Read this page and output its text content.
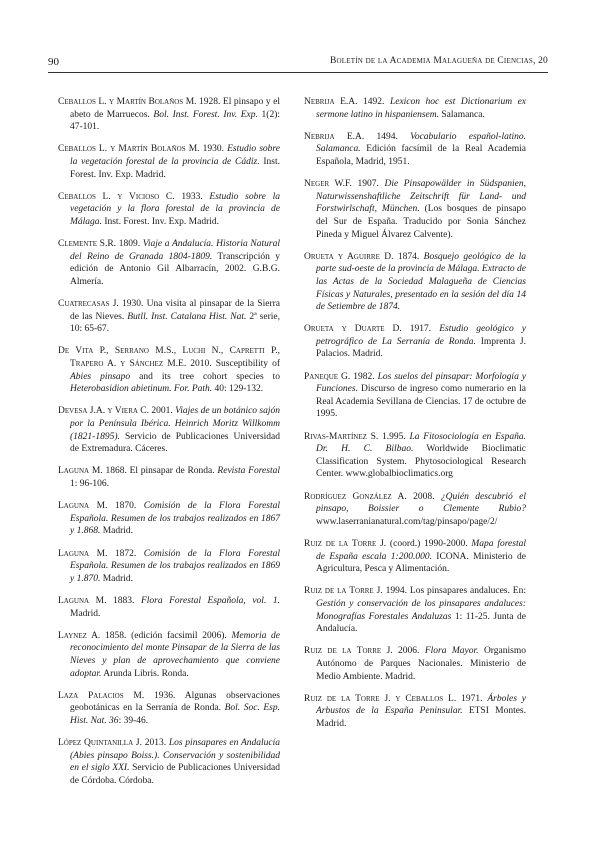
90	Boletín de la Academia Malagueña de Ciencias, 20

Ceballos L. y Martín Bolaños M. 1928. El pinsapo y el abeto de Marruecos. Bol. Inst. Forest. Inv. Exp. 1(2): 47-101.

Ceballos L. y Martín Bolaños M. 1930. Estudio sobre la vegetación forestal de la provincia de Cádiz. Inst. Forest. Inv. Exp. Madrid.

Ceballos L. y Vicioso C. 1933. Estudio sobre la vegetación y la flora forestal de la provincia de Málaga. Inst. Forest. Inv. Exp. Madrid.

Clemente S.R. 1809. Viaje a Andalucía. Historia Natural del Reino de Granada 1804-1809. Transcripción y edición de Antonio Gil Albarracín, 2002. G.B.G. Almería.

Cuatrecasas J. 1930. Una visita al pinsapar de la Sierra de las Nieves. Butll. Inst. Catalana Hist. Nat. 2ª serie, 10: 65-67.

De Vita P., Serrano M.S., Luchi N., Capretti P., Trapero A. y Sánchez M.E. 2010. Susceptibility of Abies pinsapo and its tree cohort species to Heterobasidion abietinum. For. Path. 40: 129-132.

Devesa J.A. y Viera C. 2001. Viajes de un botánico sajón por la Península Ibérica. Heinrich Moritz Willkomm (1821-1895). Servicio de Publicaciones Universidad de Extremadura. Cáceres.

Laguna M. 1868. El pinsapar de Ronda. Revista Forestal 1: 96-106.

Laguna M. 1870. Comisión de la Flora Forestal Española. Resumen de los trabajos realizados en 1867 y 1.868. Madrid.

Laguna M. 1872. Comisión de la Flora Forestal Española. Resumen de los trabajos realizados en 1869 y 1.870. Madrid.

Laguna M. 1883. Flora Forestal Española, vol. 1. Madrid.

Laynez A. 1858. (edición facsimil 2006). Memoria de reconocimiento del monte Pinsapar de la Sierra de las Nieves y plan de aprovechamiento que conviene adoptar. Arunda Libris. Ronda.

Laza Palacios M. 1936. Algunas observaciones geobotánicas en la Serranía de Ronda. Bol. Soc. Esp. Hist. Nat. 36: 39-46.

López Quintanilla J. 2013. Los pinsapares en Andalucía (Abies pinsapo Boiss.). Conservación y sostenibilidad en el siglo XXI. Servicio de Publicaciones Universidad de Córdoba. Córdoba.

Nebrija E.A. 1492. Lexicon hoc est Dictionarium ex sermone latino in hispaniensem. Salamanca.

Nebrija E.A. 1494. Vocabulario español-latino. Salamanca. Edición facsímil de la Real Academia Española, Madrid, 1951.

Neger W.F. 1907. Die Pinsapowälder in Südspanien, Naturwissenshaftliche Zeitschrift für Land- und Forstwirlschaft, München. (Los bosques de pinsapo del Sur de España. Traducido por Sonia Sánchez Pineda y Miguel Álvarez Calvente).

Orueta y Aguirre D. 1874. Bosquejo geológico de la parte sud-oeste de la provincia de Málaga. Extracto de las Actas de la Sociedad Malagueña de Ciencias Físicas y Naturales, presentado en la sesión del día 14 de Setiembre de 1874.

Orueta y Duarte D. 1917. Estudio geológico y petrográfico de La Serranía de Ronda. Imprenta J. Palacios. Madrid.

Paneque G. 1982. Los suelos del pinsapar: Morfología y Funciones. Discurso de ingreso como numerario en la Real Academia Sevillana de Ciencias. 17 de octubre de 1995.

Rivas-Martínez S. 1.995. La Fitosociología en España. Dr. H. C. Bilbao. Worldwide Bioclimatic Classification System. Phytosociological Research Center. www.globalbioclimatics.org

Rodríguez González A. 2008. ¿Quién descubrió el pinsapo, Boissier o Clemente Rubio?www.laserranianatural.com/tag/pinsapo/page/2/

Ruiz de la Torre J. (coord.) 1990-2000. Mapa forestal de España escala 1:200.000. ICONA. Ministerio de Agricultura, Pesca y Alimentación.

Ruiz de la Torre J. 1994. Los pinsapares andaluces. En: Gestión y conservación de los pinsapares andaluces: Monografías Forestales Andaluzas 1: 11-25. Junta de Andalucía.

Ruiz de la Torre J. 2006. Flora Mayor. Organismo Autónomo de Parques Nacionales. Ministerio de Medio Ambiente. Madrid.

Ruiz de la Torre J. y Ceballos L. 1971. Árboles y Arbustos de la España Peninsular. ETSI Montes. Madrid.
